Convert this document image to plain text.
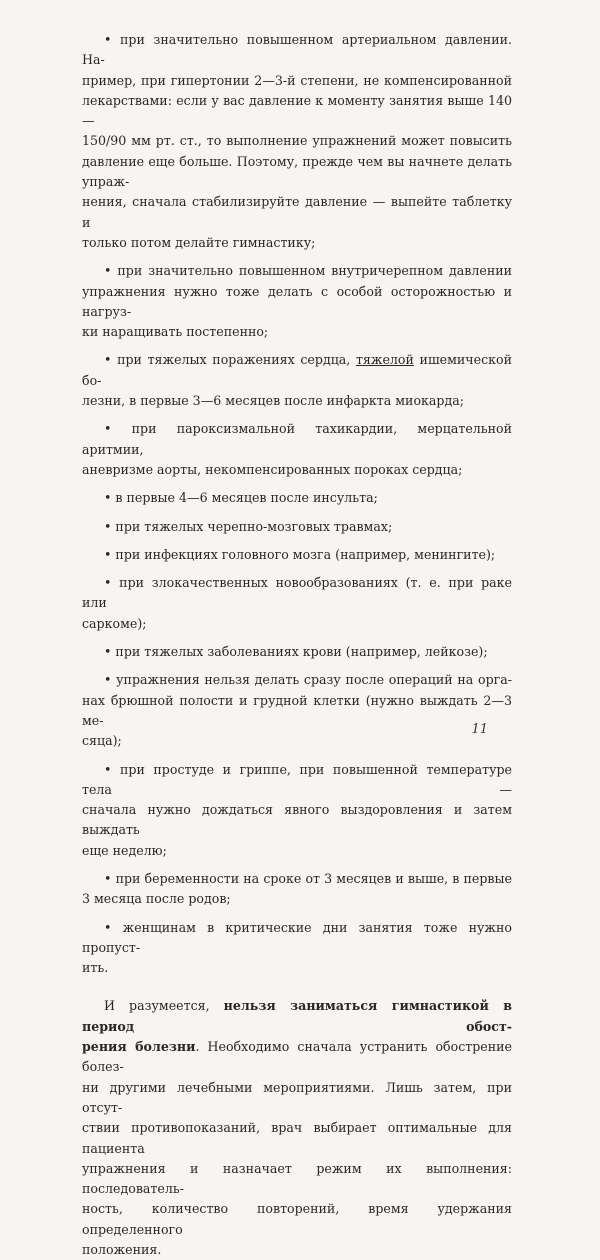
• при значительно повышенном артериальном давлении. На-
пример, при гипертонии 2—3-й степени, не компенсированной
лекарствами: если у вас давление к моменту занятия выше 140—
150/90 мм рт. ст., то выполнение упражнений может повысить
давление еще больше. Поэтому, прежде чем вы начнете делать упраж-
нения, сначала стабилизируйте давление — выпейте таблетку и
только потом делайте гимнастику;
• при значительно повышенном внутричерепном давлении
упражнения нужно тоже делать с особой осторожностью и нагруз-
ки наращивать постепенно;
• при тяжелых поражениях сердца, тяжелой ишемической бо-
лезни, в первые 3—6 месяцев после инфаркта миокарда;
• при пароксизмальной тахикардии, мерцательной аритмии,
аневризме аорты, некомпенсированных пороках сердца;
• в первые 4—6 месяцев после инсульта;
• при тяжелых черепно-мозговых травмах;
• при инфекциях головного мозга (например, менингите);
• при злокачественных новообразованиях (т. е. при раке или
саркоме);
• при тяжелых заболеваниях крови (например, лейкозе);
• упражнения нельзя делать сразу после операций на орга-
нах брюшной полости и грудной клетки (нужно выждать 2—3 ме-
сяца);
• при простуде и гриппе, при повышенной температуре тела —
сначала нужно дождаться явного выздоровления и затем выждать
еще неделю;
• при беременности на сроке от 3 месяцев и выше, в первые
3 месяца после родов;
• женщинам в критические дни занятия тоже нужно пропуст-
ить.
И разумеется, нельзя заниматься гимнастикой в период обост-
рения болезни. Необходимо сначала устранить обострение болез-
ни другими лечебными мероприятиями. Лишь затем, при отсут-
ствии противопоказаний, врач выбирает оптимальные для пациента
упражнения и назначает режим их выполнения: последователь-
ность, количество повторений, время удержания определенного
положения.
11
